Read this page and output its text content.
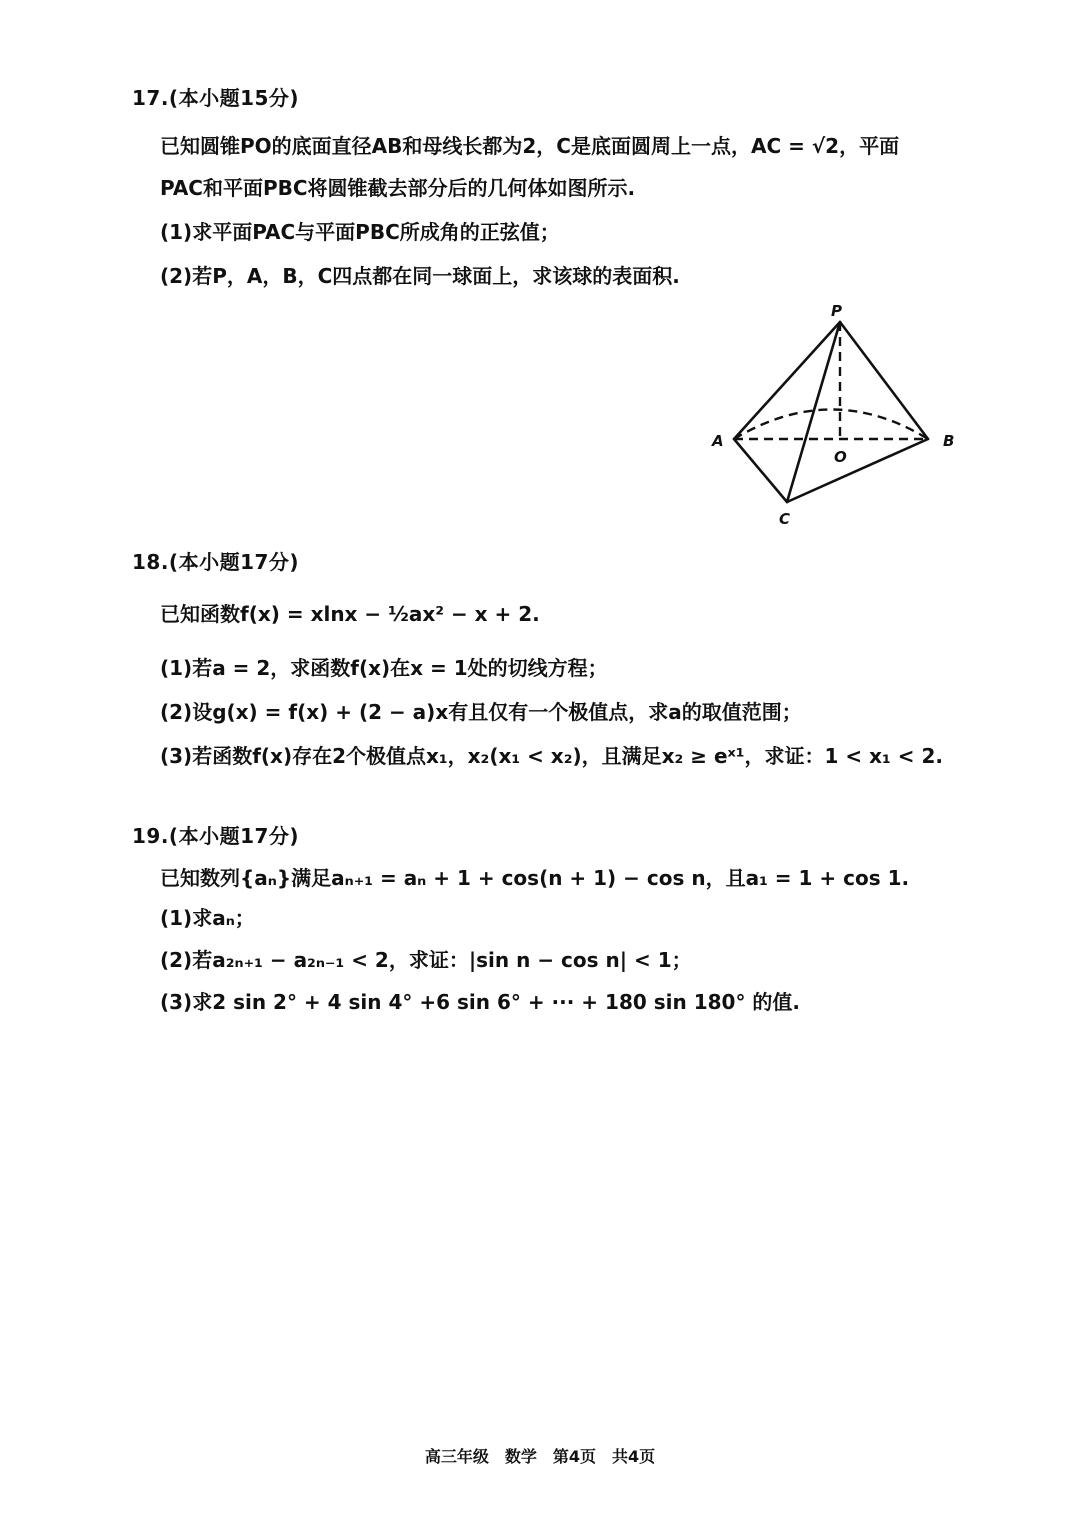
17.(本小题15分)
已知圆锥PO的底面直径AB和母线长都为2，C是底面圆周上一点，AC = √2，平面
PAC和平面PBC将圆锥截去部分后的几何体如图所示.
(1)求平面PAC与平面PBC所成角的正弦值；
(2)若P，A，B，C四点都在同一球面上，求该球的表面积.
P
A	B
O
C
18.(本小题17分)
已知函数f(x) = xlnx − ½ax² − x + 2.
(1)若a = 2，求函数f(x)在x = 1处的切线方程；
(2)设g(x) = f(x) + (2 − a)x有且仅有一个极值点，求a的取值范围；
(3)若函数f(x)存在2个极值点x₁，x₂(x₁ < x₂)，且满足x₂ ≥ eˣ¹，求证：1 < x₁ < 2.
19.(本小题17分)
已知数列{aₙ}满足aₙ₊₁ = aₙ + 1 + cos(n + 1) − cos n，且a₁ = 1 + cos 1.
(1)求aₙ；
(2)若a₂ₙ₊₁ − a₂ₙ₋₁ < 2，求证：|sin n − cos n| < 1；
(3)求2 sin 2° + 4 sin 4° +6 sin 6° + ··· + 180 sin 180° 的值.
高三年级　数学　第4页　共4页
